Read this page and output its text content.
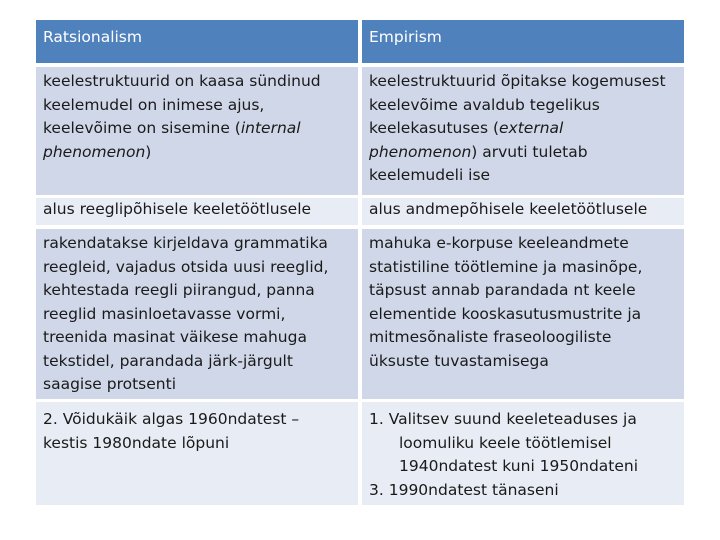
Ratsionalism	Empirism
keelestruktuurid on kaasa sündinud
keelemudel on inimese ajus,
keelevõime on sisemine (internal
phenomenon)
keelestruktuurid õpitakse kogemusest
keelevõime avaldub tegelikus
keelekasutuses (external
phenomenon) arvuti tuletab
keelemudeli ise
alus reeglipõhisele keeletöötlusele	alus andmepõhisele keeletöötlusele
rakendatakse kirjeldava grammatika
reegleid, vajadus otsida uusi reeglid,
kehtestada reegli piirangud, panna
reeglid masinloetavasse vormi,
treenida masinat väikese mahuga
tekstidel, parandada järk-järgult
saagise protsenti
mahuka e-korpuse keeleandmete
statistiline töötlemine ja masinõpe,
täpsust annab parandada nt keele
elementide kooskasutusmustrite ja
mitmesõnaliste fraseoloogiliste
üksuste tuvastamisega
2. Võidukäik algas 1960ndatest –
kestis 1980ndate lõpuni
1. Valitsev suund keeleteaduses ja
loomuliku keele töötlemisel
1940ndatest kuni 1950ndateni
3. 1990ndatest tänaseni
